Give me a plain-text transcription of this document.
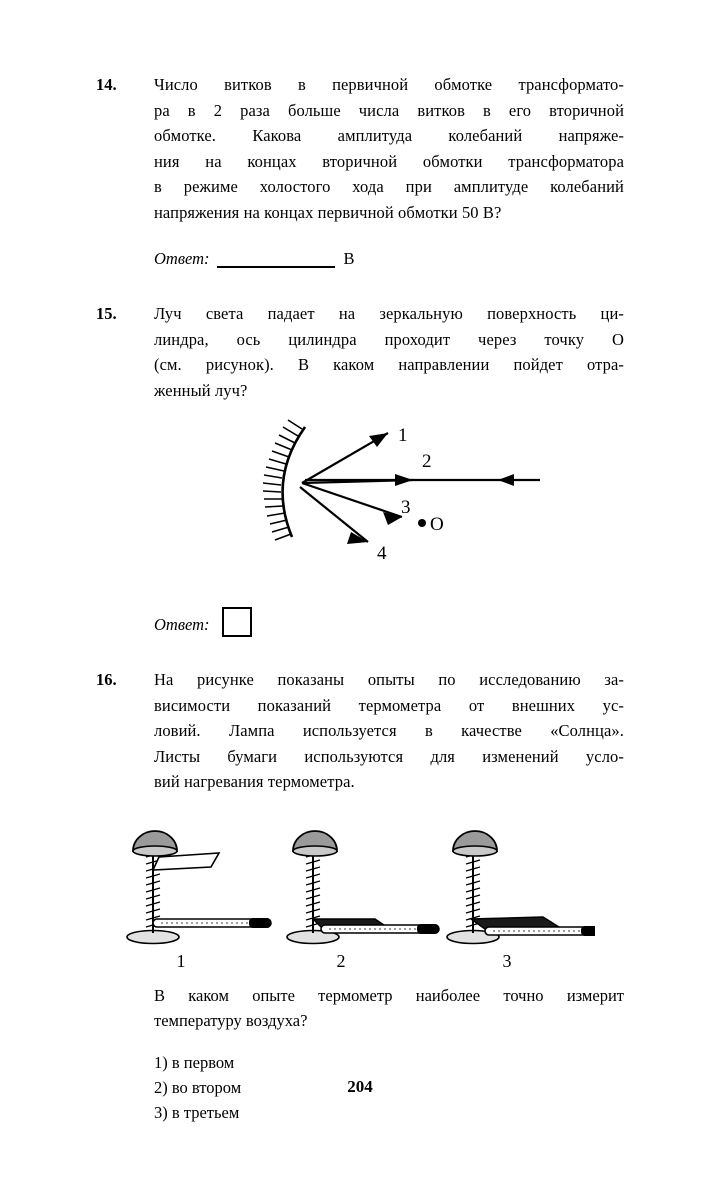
14.	Число витков в первичной обмотке трансформато-
ра в 2 раза больше числа витков в его вторичной
обмотке. Какова амплитуда колебаний напряже-
ния на концах вторичной обмотки трансформатора
в режиме холостого хода при амплитуде колебаний
напряжения на концах первичной обмотки 50 В?
Ответ:	В
15.	Луч света падает на зеркальную поверхность ци-
линдра, ось цилиндра проходит через точку О
(см. рисунок). В каком направлении пойдет отра-
женный луч?
1
2
3
4
О
Ответ:
16.	На рисунке показаны опыты по исследованию за-
висимости показаний термометра от внешних ус-
ловий. Лампа используется в качестве «Солнца».
Листы бумаги используются для изменений усло-
вий нагревания термометра.
1	2	3
В каком опыте термометр наиболее точно измерит
температуру воздуха?
1) в первом
2) во втором
3) в третьем
204
